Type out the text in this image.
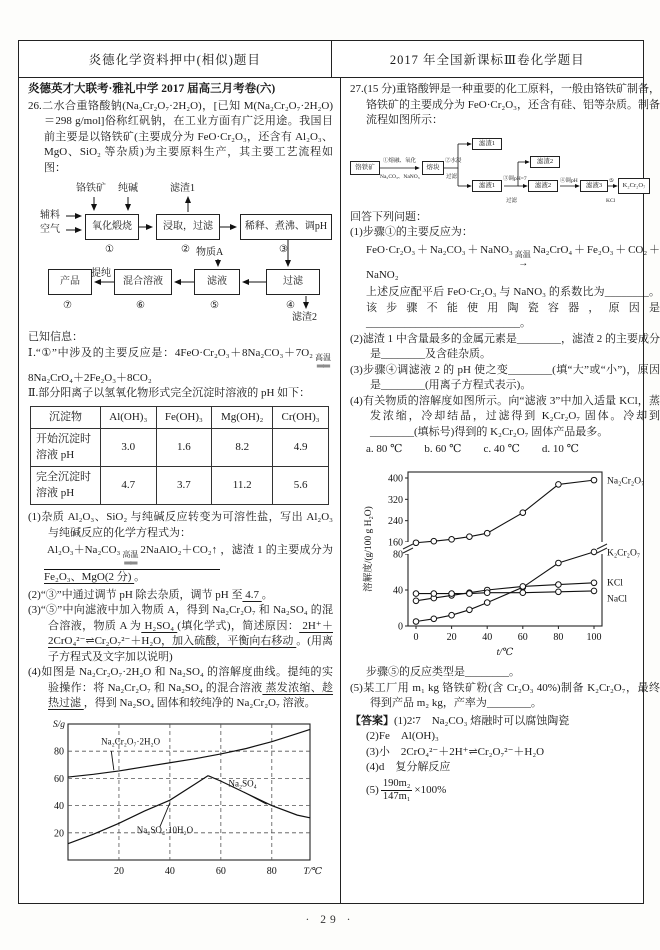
炎德化学资料押中(相似)题目	2017 年全国新课标Ⅲ卷化学题目

炎德英才大联考·雅礼中学 2017 届高三月考卷(六)

26.二水合重铬酸钠(Na₂Cr₂O₇·2H₂O)，[已知 M(Na₂Cr₂O₇·2H₂O)＝298 g/mol]俗称红矾钠，在工业方面有广泛用途。我国目前主要是以铬铁矿(主要成分为 FeO·Cr₂O₃，还含有 Al₂O₃、MgO、SiO₂ 等杂质)为主要原料生产，其主要工艺流程如图：

铬铁矿 纯碱	滤渣1
辅料
空气	氧化煅烧	浸取，过滤	稀释、煮沸、调pH
①	②	③
物质A
产品	混合溶液	滤液	过滤
提纯
⑦	⑥	⑤	④
滤渣2

已知信息：

Ⅰ.“①”中涉及的主要反应是：4FeO·Cr₂O₃＋8Na₂CO₃＋7O₂ 高温
══
8Na₂CrO₄＋2Fe₂O₃＋8CO₂

Ⅱ.部分阳离子以氢氧化物形式完全沉淀时溶液的 pH 如下：

沉淀物	Al(OH)₃	Fe(OH)₃	Mg(OH)₂	Cr(OH)₃
开始沉淀时溶液 pH	3.0	1.6	8.2	4.9
完全沉淀时溶液 pH	4.7	3.7	11.2	5.6

(1)杂质 Al₂O₃、SiO₂ 与纯碱反应转变为可溶性盐，写出 Al₂O₃ 与纯碱反应的化学方程式为：

Al₂O₃＋Na₂CO₃ 高温
══
2NaAlO₂＋CO₂↑ ，滤渣 1 的主要成分为 Fe₂O₃、MgO(2 分) 。

(2)“③”中通过调节 pH 除去杂质，调节 pH 至 4.7 。

(3)“⑤”中向滤液中加入物质 A，得到 Na₂Cr₂O₇ 和 Na₂SO₄ 的混合溶液，物质 A 为 H₂SO₄ (填化学式)，简述原因： 2H⁺＋2CrO₄²⁻⇌Cr₂O₇²⁻＋H₂O，加入硫酸，平衡向右移动 。(用离子方程式及文字加以说明)

(4)如图是 Na₂Cr₂O₇·2H₂O 和 Na₂SO₄ 的溶解度曲线。提纯的实验操作：将 Na₂Cr₂O₇ 和 Na₂SO₄ 的混合溶液 蒸发浓缩、趁热过滤 ，得到 Na₂SO₄ 固体和较纯净的 Na₂Cr₂O₇ 溶液。

20	40	60	80
20
40
60
80
S/g
T/℃
Na₂Cr₂O₇·2H₂O
Na₂SO₄·10H₂O
Na₂SO₄

27.(15 分)重铬酸钾是一种重要的化工原料，一般由铬铁矿制备，铬铁矿的主要成分为 FeO·Cr₂O₃，还含有硅、铝等杂质。制备流程如图所示：

铬铁矿
①熔融、氧化
Na₂CO₃、NaNO₃
熔块
②水浸
过滤
滤渣1
滤液1
③调pH=7
过滤
滤渣2
滤液2
④调pH
滤液3
⑤
KCl
K₂Cr₂O₇

回答下列问题：

(1)步骤①的主要反应为：

FeO·Cr₂O₃＋Na₂CO₃＋NaNO₃ 高温
→
Na₂CrO₄＋Fe₂O₃＋CO₂＋NaNO₂

上述反应配平后 FeO·Cr₂O₃ 与 NaNO₃ 的系数比为________。该步骤不能使用陶瓷容器，原因是____________________________。

(2)滤渣 1 中含量最多的金属元素是________，滤渣 2 的主要成分是________及含硅杂质。

(3)步骤④调滤液 2 的 pH 使之变________(填“大”或“小”)，原因是________(用离子方程式表示)。

(4)有关物质的溶解度如图所示。向“滤液 3”中加入适量 KCl，蒸发浓缩，冷却结晶，过滤得到 K₂Cr₂O₇ 固体。冷却到________(填标号)得到的 K₂Cr₂O₇ 固体产品最多。

a. 80 ℃　　b. 60 ℃　　c. 40 ℃　　d. 10 ℃

0
40
80
160
240
320
400
0	20	40	60	80 100
t/℃
溶解度/(g/100 g H₂O)
Na₂Cr₂O₇
K₂Cr₂O₇
KCl
NaCl

步骤⑤的反应类型是________。

(5)某工厂用 m₁ kg 铬铁矿粉(含 Cr₂O₃ 40%)制备 K₂Cr₂O₇，最终得到产品 m₂ kg，产率为________。

【答案】(1)2∶7　Na₂CO₃ 熔融时可以腐蚀陶瓷

(2)Fe　Al(OH)₃

(3)小　2CrO₄²⁻＋2H⁺⇌Cr₂O₇²⁻＋H₂O

(4)d　复分解反应

$(5) \frac{\text{190m₂}}{\text{147m₁}} \times 100\%$

· 29 ·
